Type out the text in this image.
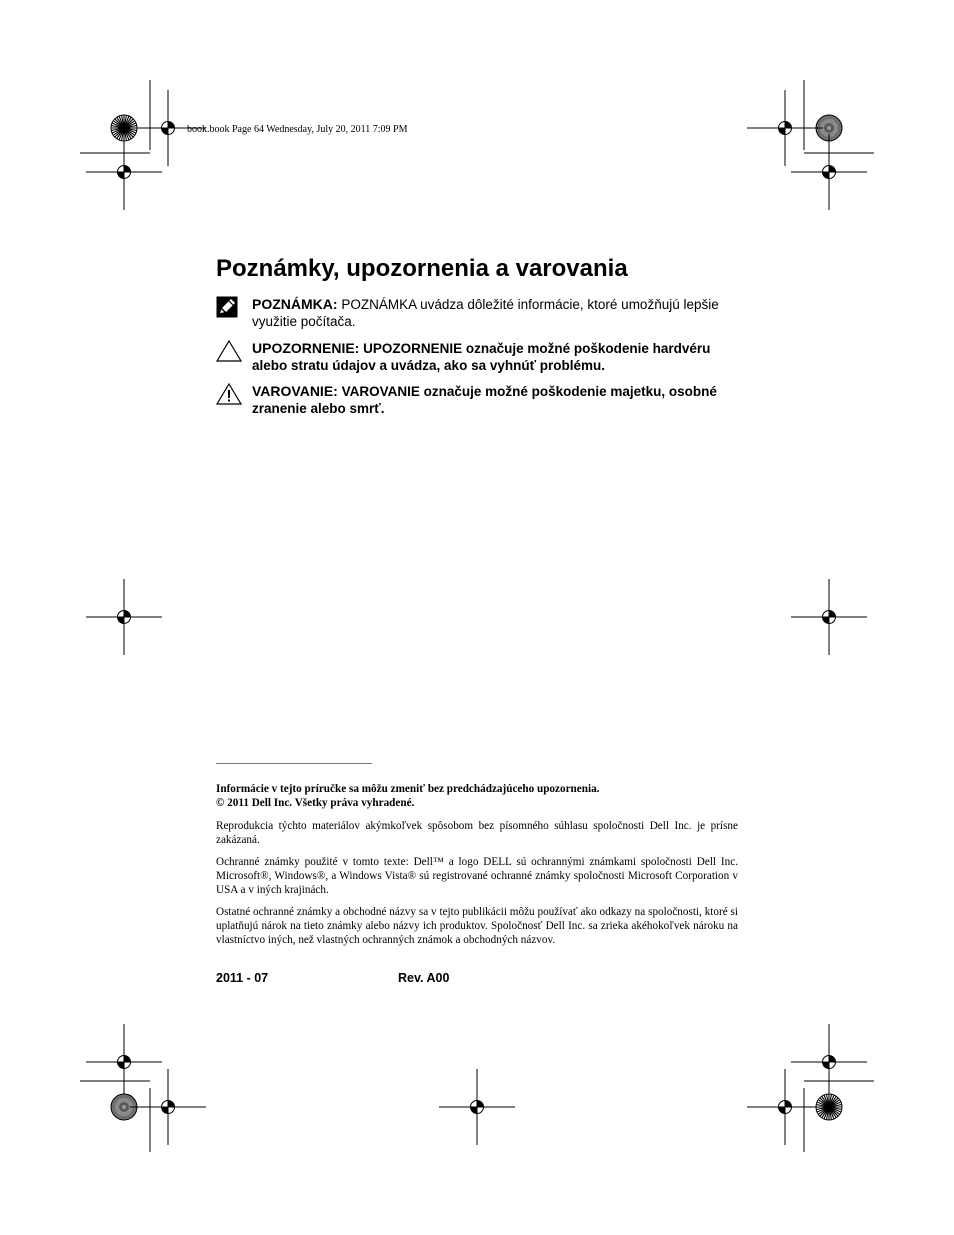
book.book Page 64 Wednesday, July 20, 2011 7:09 PM
Poznámky, upozornenia a varovania

POZNÁMKA: POZNÁMKA uvádza dôležité informácie, ktoré umožňujú lepšie využitie počítača.

UPOZORNENIE: UPOZORNENIE označuje možné poškodenie hardvéru alebo stratu údajov a uvádza, ako sa vyhnúť problému.

VAROVANIE: VAROVANIE označuje možné poškodenie majetku, osobné zranenie alebo smrť.

Informácie v tejto príručke sa môžu zmeniť bez predchádzajúceho upozornenia.

© 2011 Dell Inc. Všetky práva vyhradené.

Reprodukcia týchto materiálov akýmkoľvek spôsobom bez písomného súhlasu spoločnosti Dell Inc. je prísne zakázaná.

Ochranné známky použité v tomto texte: Dell™ a logo DELL sú ochrannými známkami spoločnosti Dell Inc. Microsoft®, Windows®, a Windows Vista® sú registrované ochranné známky spoločnosti Microsoft Corporation v USA a v iných krajinách.

Ostatné ochranné známky a obchodné názvy sa v tejto publikácii môžu používať ako odkazy na spoločnosti, ktoré si uplatňujú nárok na tieto známky alebo názvy ich produktov. Spoločnosť Dell Inc. sa zrieka akéhokoľvek nároku na vlastníctvo iných, než vlastných ochranných známok a obchodných názvov.

2011 - 07	Rev. A00
